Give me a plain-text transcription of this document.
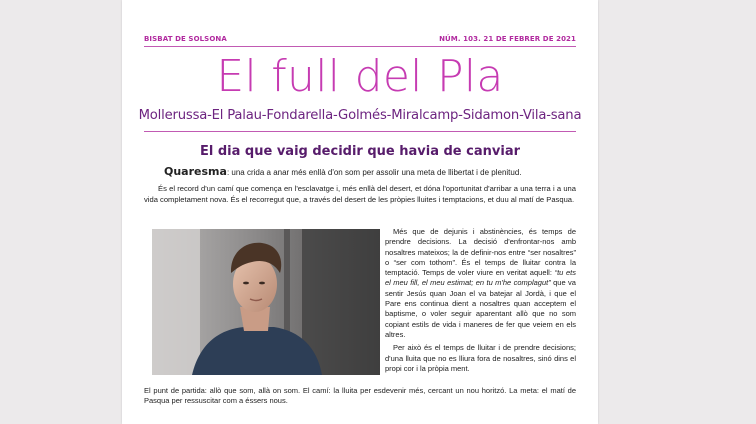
BISBAT DE SOLSONA	NÚM. 103. 21 DE FEBRER DE 2021
El full del Pla
Mollerussa-El Palau-Fondarella-Golmés-Miralcamp-Sidamon-Vila-sana
El dia que vaig decidir que havia de canviar
Quaresma: una crida a anar més enllà d'on som per assolir una meta de llibertat i de plenitud.

És el record d'un camí que comença en l'esclavatge i, més enllà del desert, et dóna l'oportunitat d'arribar a una terra i a una vida completament nova. És el recorregut que, a través del desert de les pròpies lluites i temptacions, et duu al matí de Pasqua.

Més que de dejunis i abstinències, és temps de prendre decisions. La decisió d'enfrontar-nos amb nosaltres mateixos; la de definir-nos entre “ser nosaltres” o “ser com tothom”. És el temps de lluitar contra la temptació. Temps de voler viure en veritat aquell: “tu ets el meu fill, el meu estimat; en tu m'he complagut” que va sentir Jesús quan Joan el va batejar al Jordà, i que el Pare ens continua dient a nosaltres quan acceptem el baptisme, o voler seguir aparentant allò que no som copiant estils de vida i maneres de fer que veiem en els altres.

Per això és el temps de lluitar i de prendre decisions; d'una lluita que no es lliura fora de nosaltres, sinó dins el propi cor i la pròpia ment.

El punt de partida: allò que som, allà on som. El camí: la lluita per esdevenir més, cercant un nou horitzó. La meta: el matí de Pasqua per ressuscitar com a éssers nous.
